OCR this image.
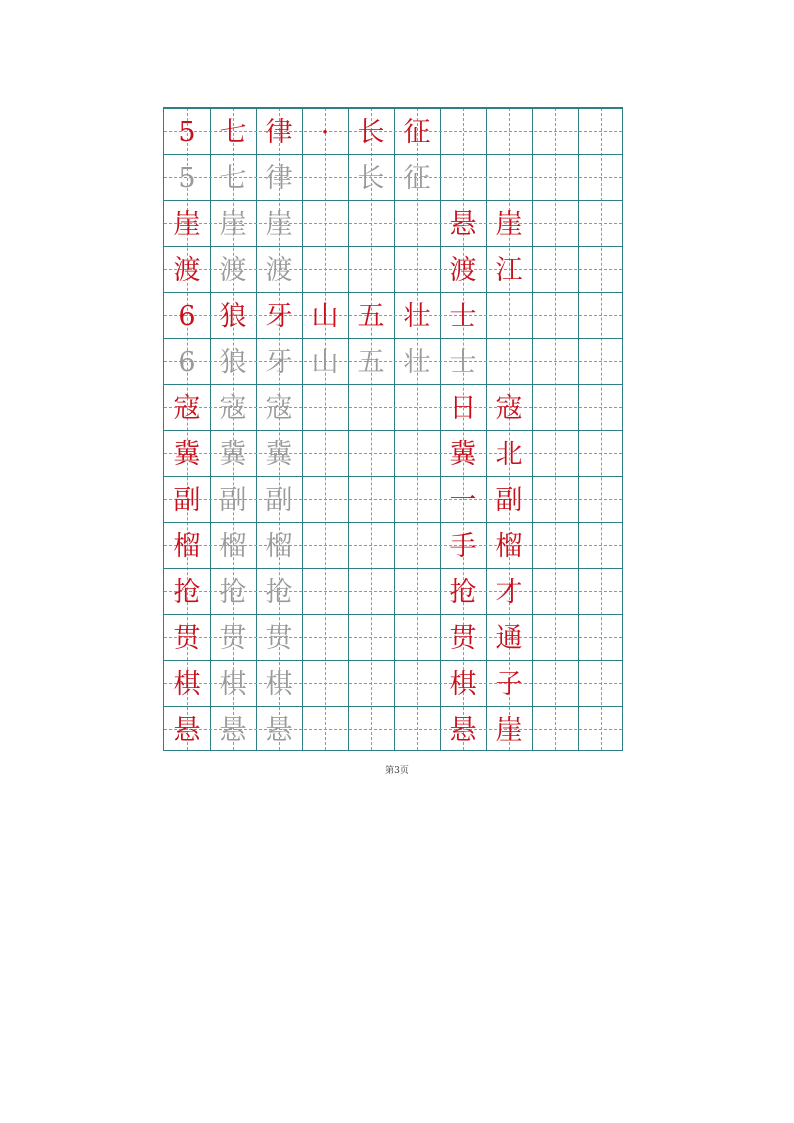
5 七 律	·	长 征
5 七 律	长 征
崖 崖 崖	悬 崖
渡 渡 渡	渡 江
6 狼 牙 山 五 壮 士
6 狼 牙 山 五 壮 士
寇 寇 寇	日 寇
冀 冀 冀	冀 北
副 副 副	一 副
榴 榴 榴	手 榴
抢 抢 抢	抢 才
贯 贯 贯	贯 通
棋 棋 棋	棋 子
悬 悬 悬	悬 崖
第3页
